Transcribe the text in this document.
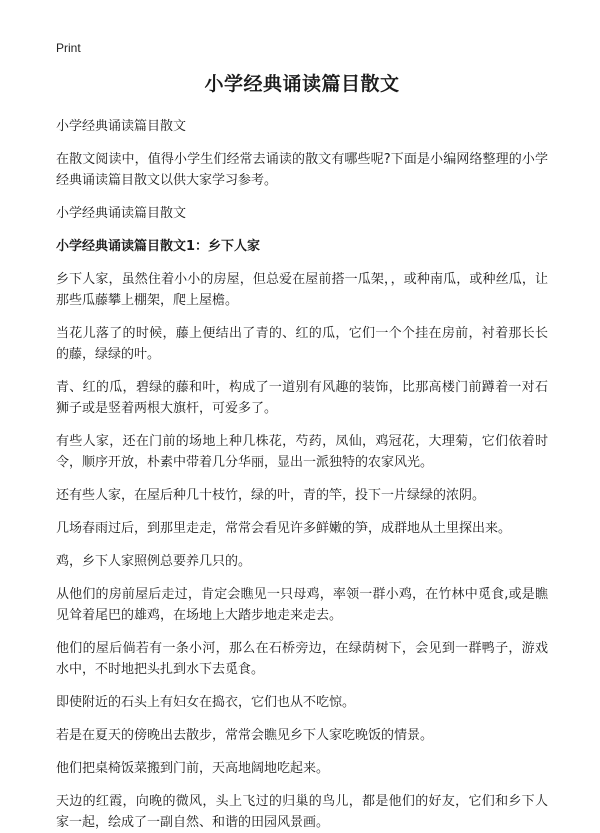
Print
小学经典诵读篇目散文

小学经典诵读篇目散文

在散文阅读中，值得小学生们经常去诵读的散文有哪些呢?下面是小编网络整理的小学经典诵读篇目散文以供大家学习参考。

小学经典诵读篇目散文

小学经典诵读篇目散文1：乡下人家

乡下人家，虽然住着小小的房屋，但总爱在屋前搭一瓜架，，或种南瓜，或种丝瓜，让那些瓜藤攀上棚架，爬上屋檐。

当花儿落了的时候，藤上便结出了青的、红的瓜，它们一个个挂在房前，衬着那长长的藤，绿绿的叶。

青、红的瓜，碧绿的藤和叶，构成了一道别有风趣的装饰，比那高楼门前蹲着一对石狮子或是竖着两根大旗杆，可爱多了。

有些人家，还在门前的场地上种几株花，芍药，凤仙，鸡冠花，大理菊，它们依着时令，顺序开放，朴素中带着几分华丽，显出一派独特的农家风光。

还有些人家，在屋后种几十枝竹，绿的叶，青的竿，投下一片绿绿的浓阴。

几场春雨过后，到那里走走，常常会看见许多鲜嫩的笋，成群地从土里探出来。

鸡，乡下人家照例总要养几只的。

从他们的房前屋后走过，肯定会瞧见一只母鸡，率领一群小鸡，在竹林中觅食,或是瞧见耸着尾巴的雄鸡，在场地上大踏步地走来走去。

他们的屋后倘若有一条小河，那么在石桥旁边，在绿荫树下，会见到一群鸭子，游戏水中，不时地把头扎到水下去觅食。

即使附近的石头上有妇女在捣衣，它们也从不吃惊。

若是在夏天的傍晚出去散步，常常会瞧见乡下人家吃晚饭的情景。

他们把桌椅饭菜搬到门前，天高地阔地吃起来。

天边的红霞，向晚的微风，头上飞过的归巢的鸟儿，都是他们的好友，它们和乡下人家一起，绘成了一副自然、和谐的田园风景画。
